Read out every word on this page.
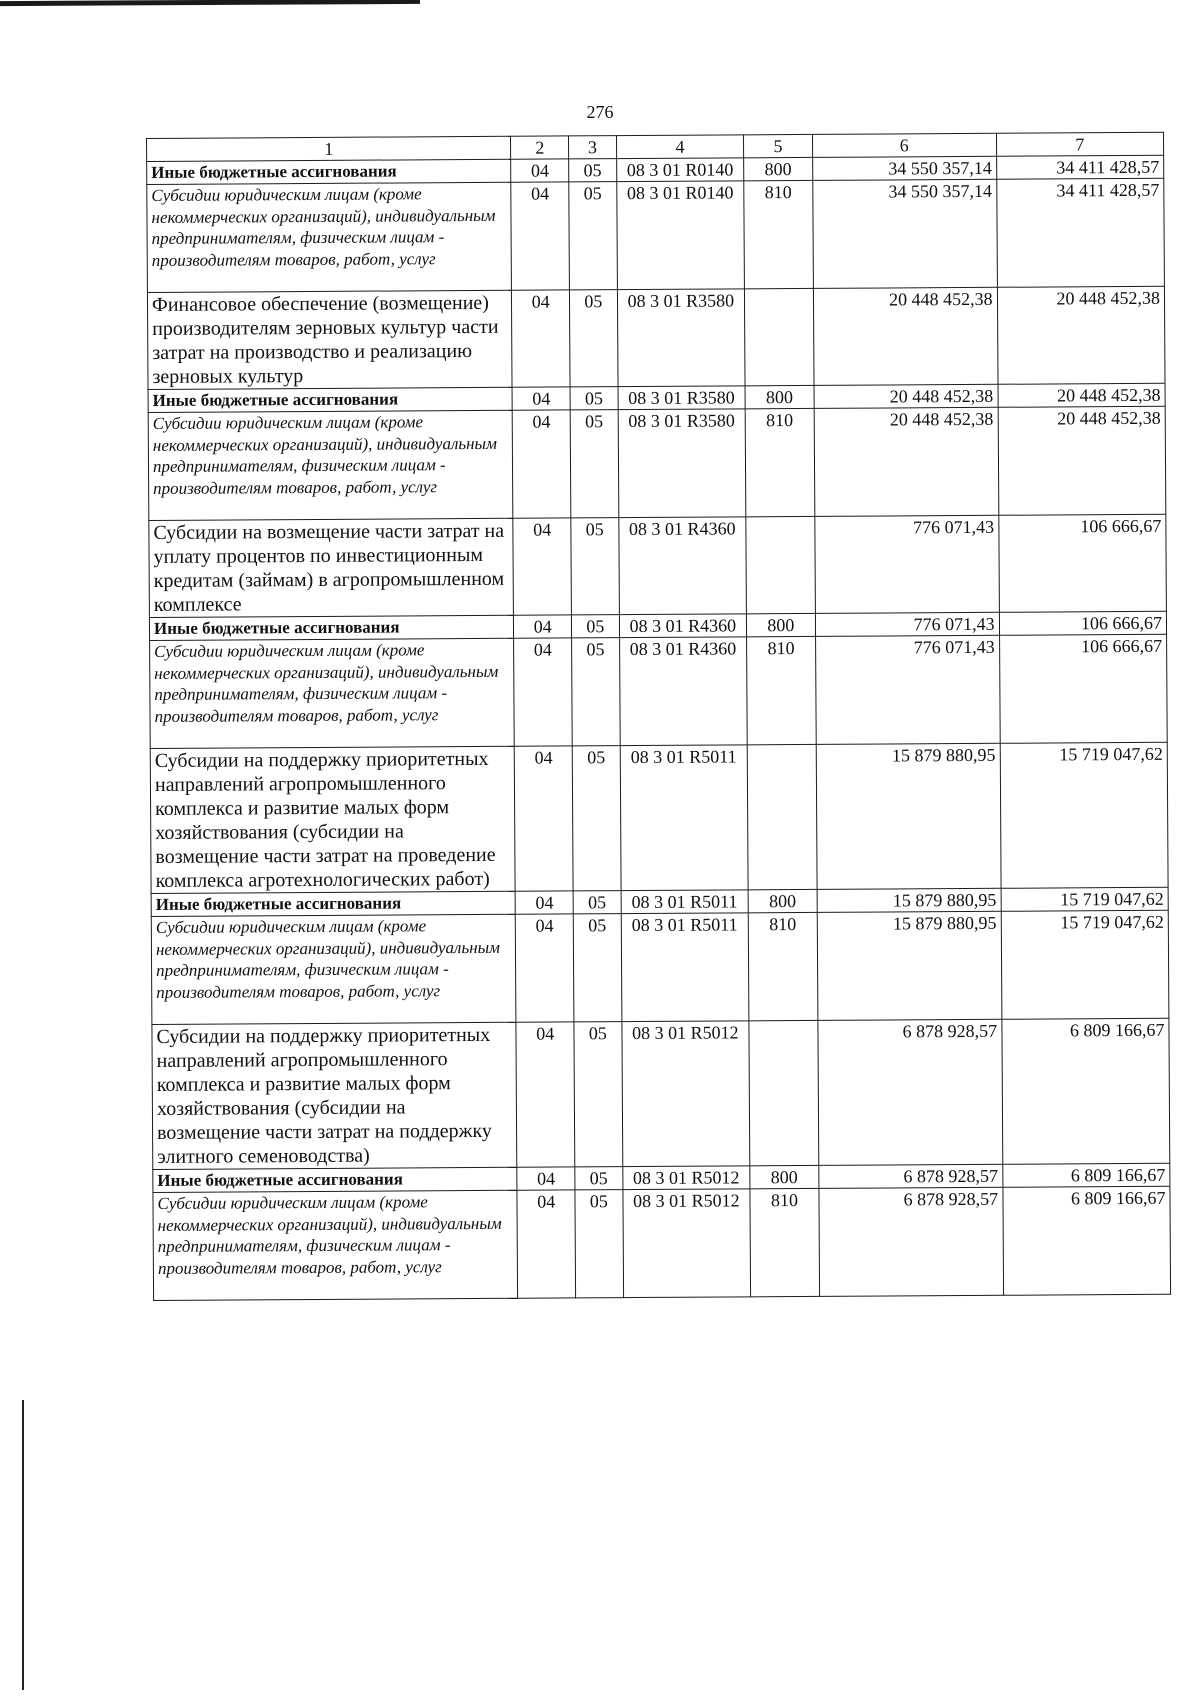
276
1	2	3	4	5	6	7
Иные бюджетные ассигнования	04	05	08 3 01 R0140	800	34 550 357,14	34 411 428,57
Субсидии юридическим лицам (кроме некоммерческих организаций), индивидуальным предпринимателям, физическим лицам - производителям товаров, работ, услуг	04	05	08 3 01 R0140	810	34 550 357,14	34 411 428,57
Финансовое обеспечение (возмещение) производителям зерновых культур части затрат на производство и реализацию зерновых культур	04	05	08 3 01 R3580		20 448 452,38	20 448 452,38
Иные бюджетные ассигнования	04	05	08 3 01 R3580	800	20 448 452,38	20 448 452,38
Субсидии юридическим лицам (кроме некоммерческих организаций), индивидуальным предпринимателям, физическим лицам - производителям товаров, работ, услуг	04	05	08 3 01 R3580	810	20 448 452,38	20 448 452,38
Субсидии на возмещение части затрат на уплату процентов по инвестиционным кредитам (займам) в агропромышленном комплексе	04	05	08 3 01 R4360		776 071,43	106 666,67
Иные бюджетные ассигнования	04	05	08 3 01 R4360	800	776 071,43	106 666,67
Субсидии юридическим лицам (кроме некоммерческих организаций), индивидуальным предпринимателям, физическим лицам - производителям товаров, работ, услуг	04	05	08 3 01 R4360	810	776 071,43	106 666,67
Субсидии на поддержку приоритетных направлений агропромышленного комплекса и развитие малых форм хозяйствования (субсидии на возмещение части затрат на проведение комплекса агротехнологических работ)	04	05	08 3 01 R5011		15 879 880,95	15 719 047,62
Иные бюджетные ассигнования	04	05	08 3 01 R5011	800	15 879 880,95	15 719 047,62
Субсидии юридическим лицам (кроме некоммерческих организаций), индивидуальным предпринимателям, физическим лицам - производителям товаров, работ, услуг	04	05	08 3 01 R5011	810	15 879 880,95	15 719 047,62
Субсидии на поддержку приоритетных направлений агропромышленного комплекса и развитие малых форм хозяйствования (субсидии на возмещение части затрат на поддержку элитного семеноводства)	04	05	08 3 01 R5012		6 878 928,57	6 809 166,67
Иные бюджетные ассигнования	04	05	08 3 01 R5012	800	6 878 928,57	6 809 166,67
Субсидии юридическим лицам (кроме некоммерческих организаций), индивидуальным предпринимателям, физическим лицам - производителям товаров, работ, услуг	04	05	08 3 01 R5012	810	6 878 928,57	6 809 166,67
